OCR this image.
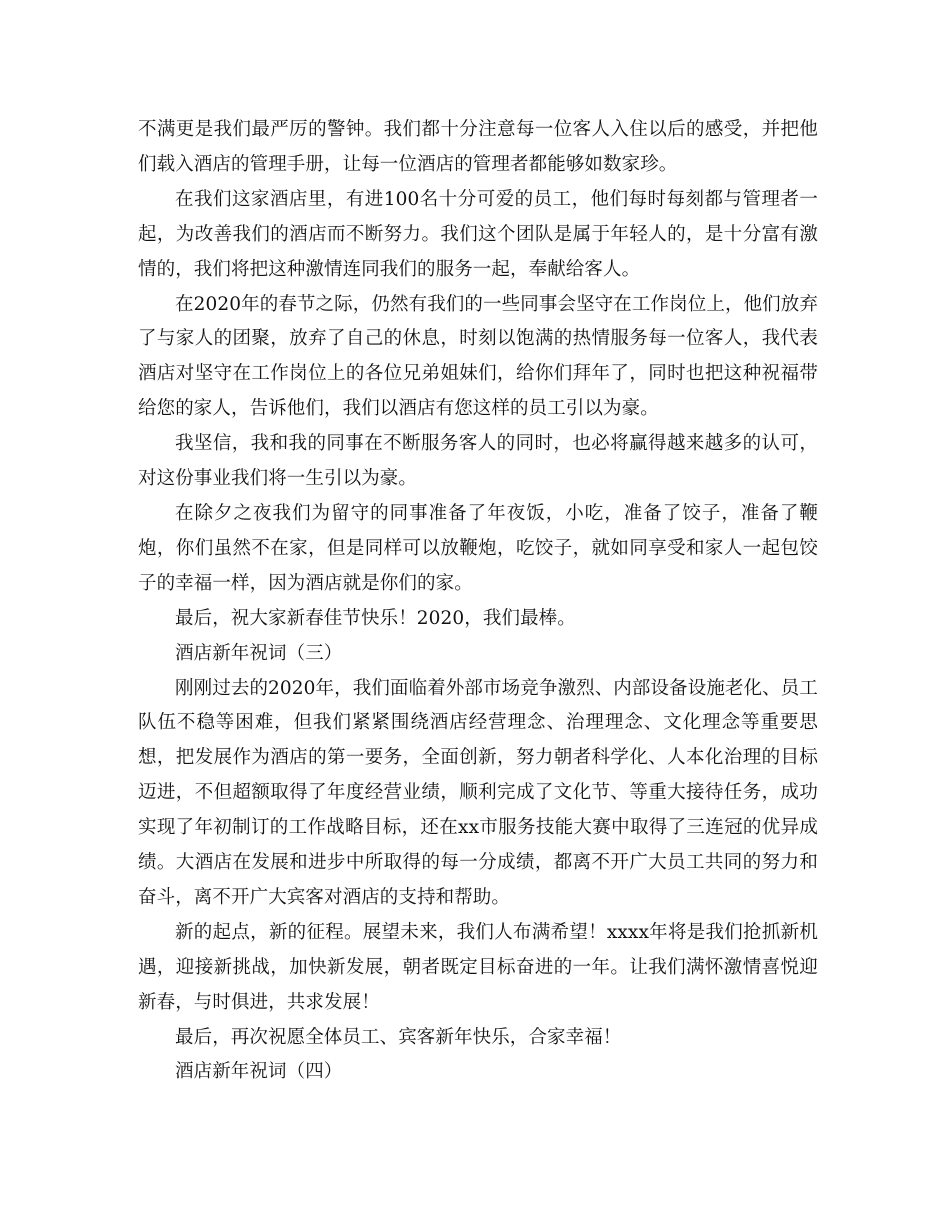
不满更是我们最严厉的警钟。我们都十分注意每一位客人入住以后的感受，并把他们载入酒店的管理手册，让每一位酒店的管理者都能够如数家珍。

在我们这家酒店里，有进100名十分可爱的员工，他们每时每刻都与管理者一起，为改善我们的酒店而不断努力。我们这个团队是属于年轻人的，是十分富有激情的，我们将把这种激情连同我们的服务一起，奉献给客人。

在2020年的春节之际，仍然有我们的一些同事会坚守在工作岗位上，他们放弃了与家人的团聚，放弃了自己的休息，时刻以饱满的热情服务每一位客人，我代表酒店对坚守在工作岗位上的各位兄弟姐妹们，给你们拜年了，同时也把这种祝福带给您的家人，告诉他们，我们以酒店有您这样的员工引以为豪。

我坚信，我和我的同事在不断服务客人的同时，也必将赢得越来越多的认可，对这份事业我们将一生引以为豪。

在除夕之夜我们为留守的同事准备了年夜饭，小吃，准备了饺子，准备了鞭炮，你们虽然不在家，但是同样可以放鞭炮，吃饺子，就如同享受和家人一起包饺子的幸福一样，因为酒店就是你们的家。

最后，祝大家新春佳节快乐！2020，我们最棒。

酒店新年祝词（三）

刚刚过去的2020年，我们面临着外部市场竞争激烈、内部设备设施老化、员工队伍不稳等困难，但我们紧紧围绕酒店经营理念、治理理念、文化理念等重要思想，把发展作为酒店的第一要务，全面创新，努力朝者科学化、人本化治理的目标迈进，不但超额取得了年度经营业绩，顺利完成了文化节、等重大接待任务，成功实现了年初制订的工作战略目标，还在xx市服务技能大赛中取得了三连冠的优异成绩。大酒店在发展和进步中所取得的每一分成绩，都离不开广大员工共同的努力和奋斗，离不开广大宾客对酒店的支持和帮助。

新的起点，新的征程。展望未来，我们人布满希望！xxxx年将是我们抢抓新机遇，迎接新挑战，加快新发展，朝者既定目标奋进的一年。让我们满怀激情喜悦迎新春，与时俱进，共求发展！

最后，再次祝愿全体员工、宾客新年快乐，合家幸福！

酒店新年祝词（四）
